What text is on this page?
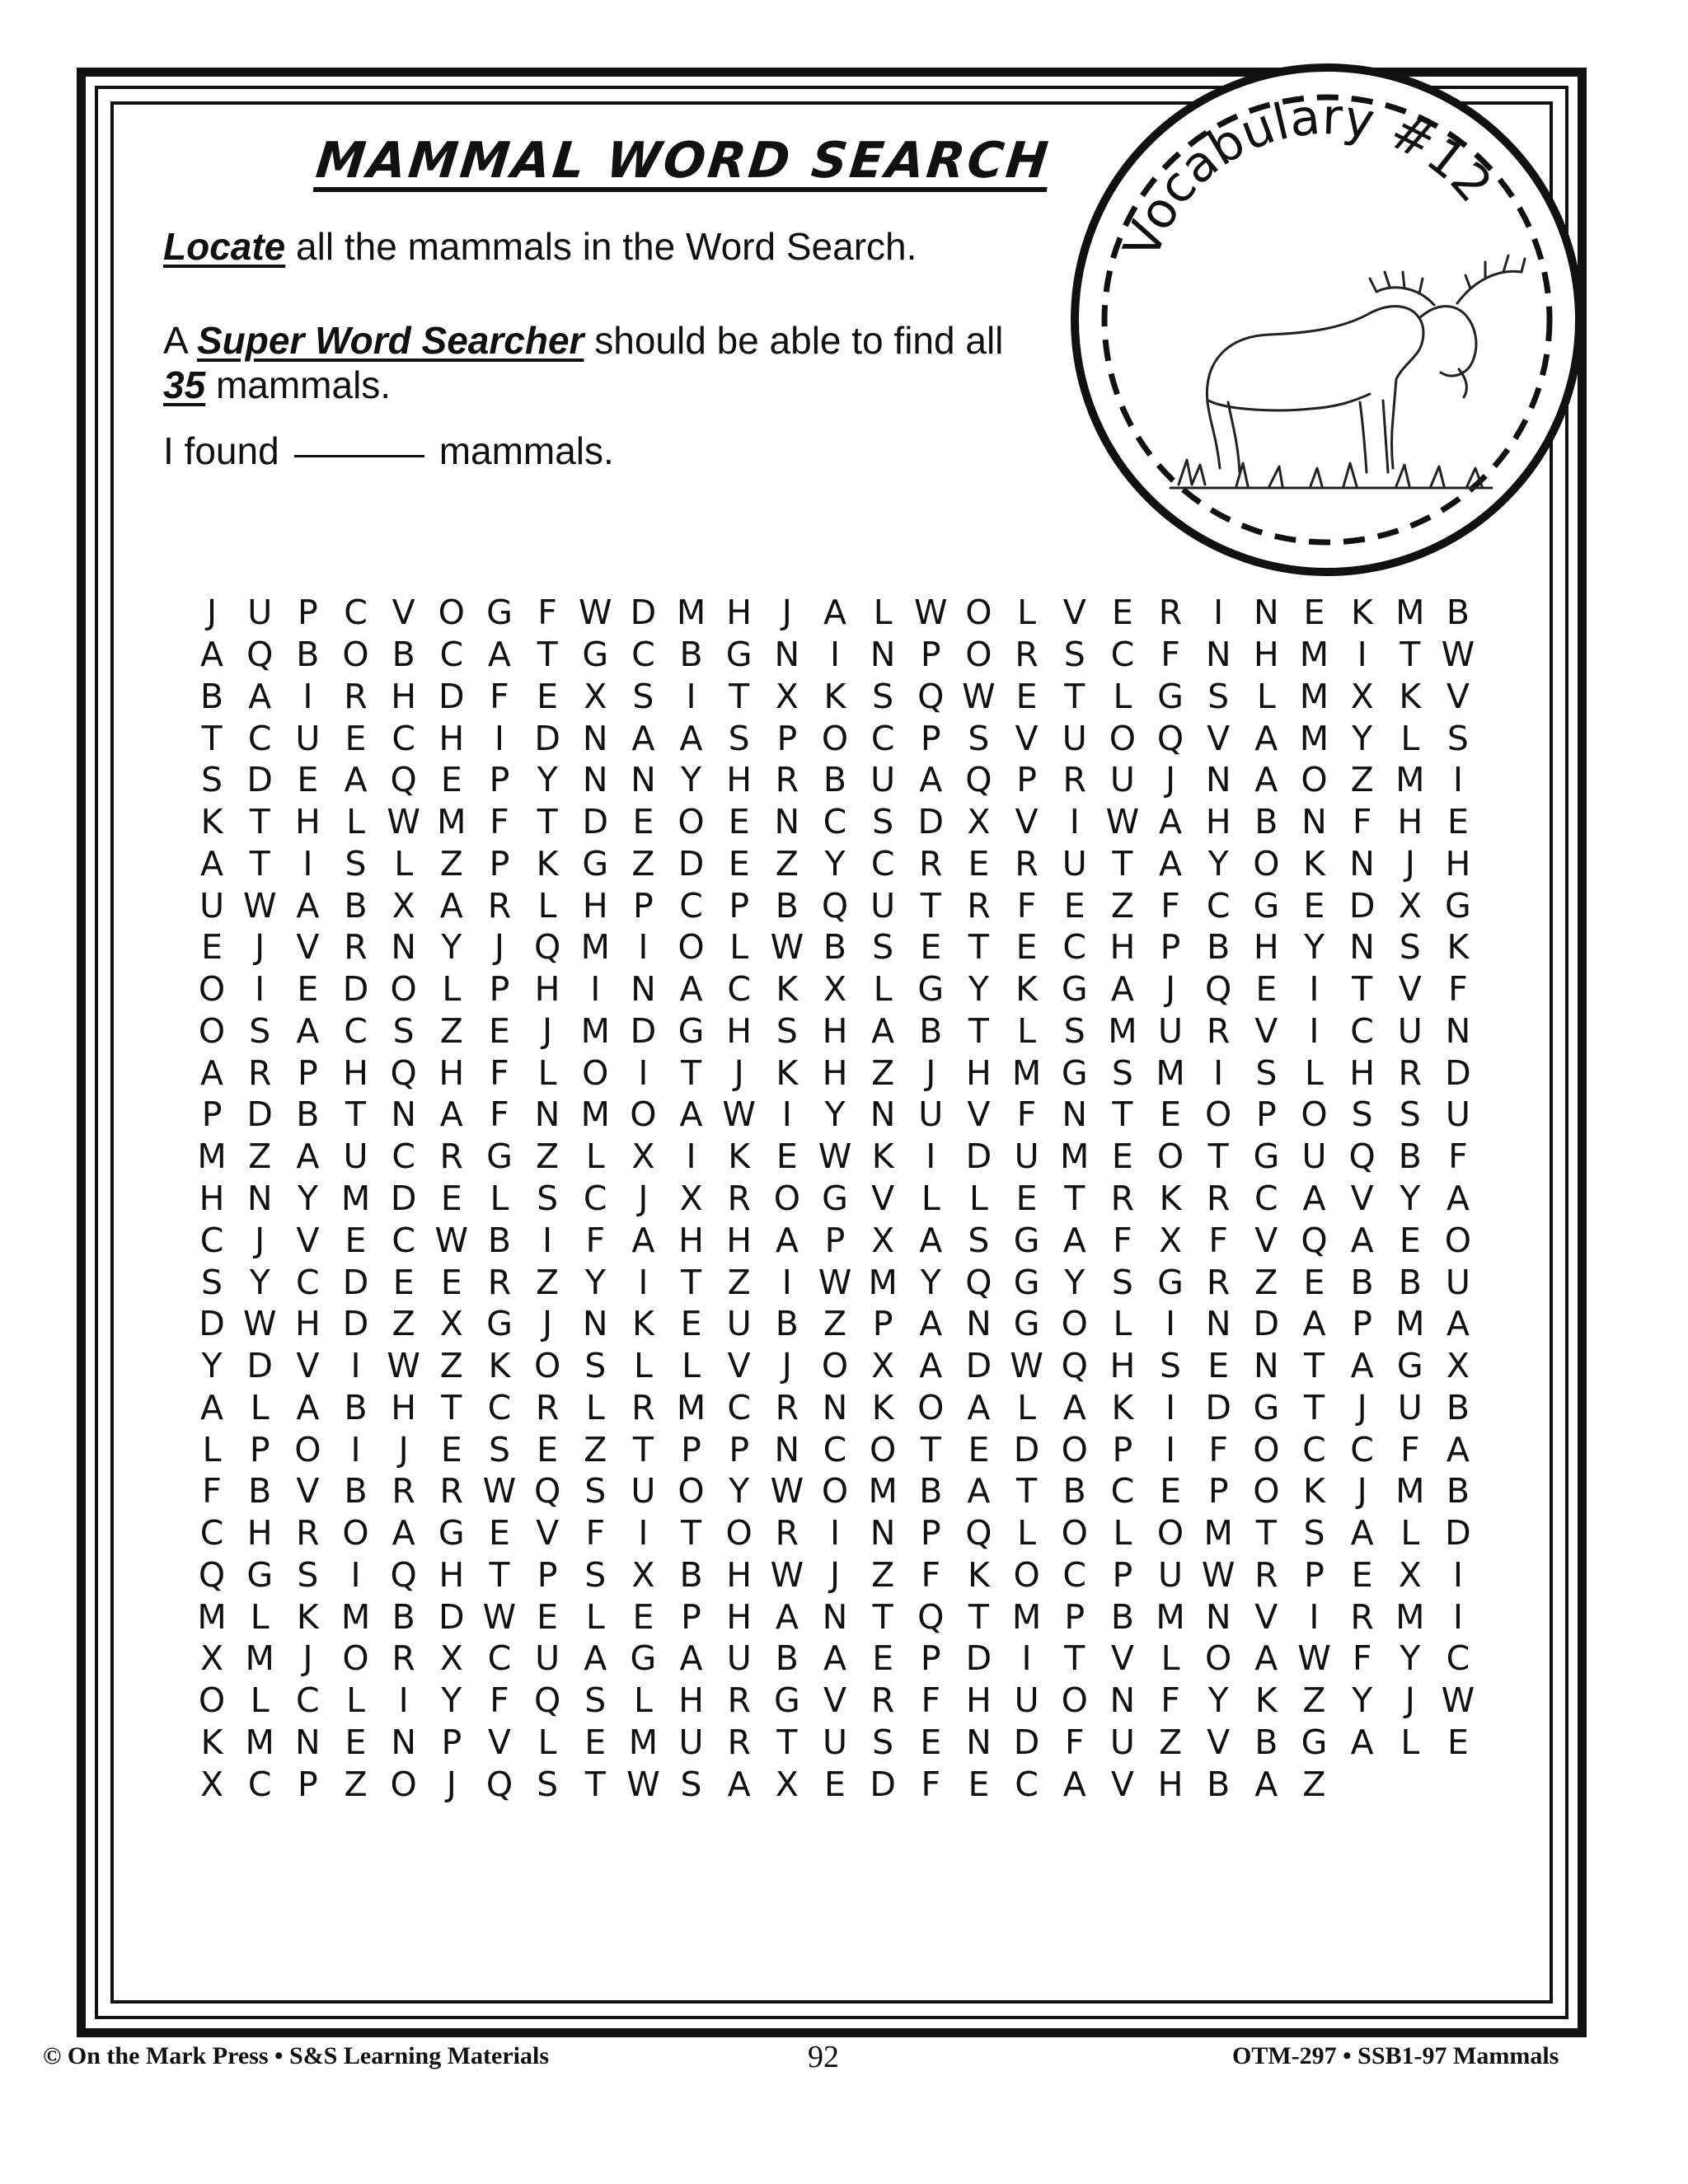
MAMMAL WORD SEARCH
Locate all the mammals in the Word Search.
A Super Word Searcher should be able to find all
35 mammals.
I found	mammals.
Vocabulary #12
J U P C V O G F W D M H J A L W O L V E R I N E K M B
A Q B O B C A T G C B G N I N P O R S C F N H M I T W
B A I R H D F E X S I T X K S Q W E T L G S L M X K V
T C U E C H I D N A A S P O C P S V U O Q V A M Y L S
S D E A Q E P Y N N Y H R B U A Q P R U J N A O Z M I
K T H L W M F T D E O E N C S D X V I W A H B N F H E
A T I S L Z P K G Z D E Z Y C R E R U T A Y O K N J H
U W A B X A R L H P C P B Q U T R F E Z F C G E D X G
E J V R N Y J Q M I O L W B S E T E C H P B H Y N S K
O I E D O L P H I N A C K X L G Y K G A J Q E I T V F
O S A C S Z E J M D G H S H A B T L S M U R V I C U N
A R P H Q H F L O I T J K H Z J H M G S M I S L H R D
P D B T N A F N M O A W I Y N U V F N T E O P O S S U
M Z A U C R G Z L X I K E W K I D U M E O T G U Q B F
H N Y M D E L S C J X R O G V L L E T R K R C A V Y A
C J V E C W B I F A H H A P X A S G A F X F V Q A E O
S Y C D E E R Z Y I T Z I W M Y Q G Y S G R Z E B B U
D W H D Z X G J N K E U B Z P A N G O L I N D A P M A
Y D V I W Z K O S L L V J O X A D W Q H S E N T A G X
A L A B H T C R L R M C R N K O A L A K I D G T J U B
L P O I	J E S E Z T P P N C O T E D O P I F O C C F A
F B V B R R W Q S U O Y W O M B A T B C E P O K J M B
C H R O A G E V F I T O R I N P Q L O L O M T S A L D
Q G S I Q H T P S X B H W J Z F K O C P U W R P E X I
M L K M B D W E L E P H A N T Q T M P B M N V I R M I
X M J O R X C U A G A U B A E P D I T V L O A W F Y C
O L C L I Y F Q S L H R G V R F H U O N F Y K Z Y J W
K M N E N P V L E M U R T U S E N D F U Z V B G A L E
X C P Z O J Q S T W S A X E D F E C A V H B A Z
© On the Mark Press • S&S Learning Materials	92	OTM-297 • SSB1-97 Mammals
